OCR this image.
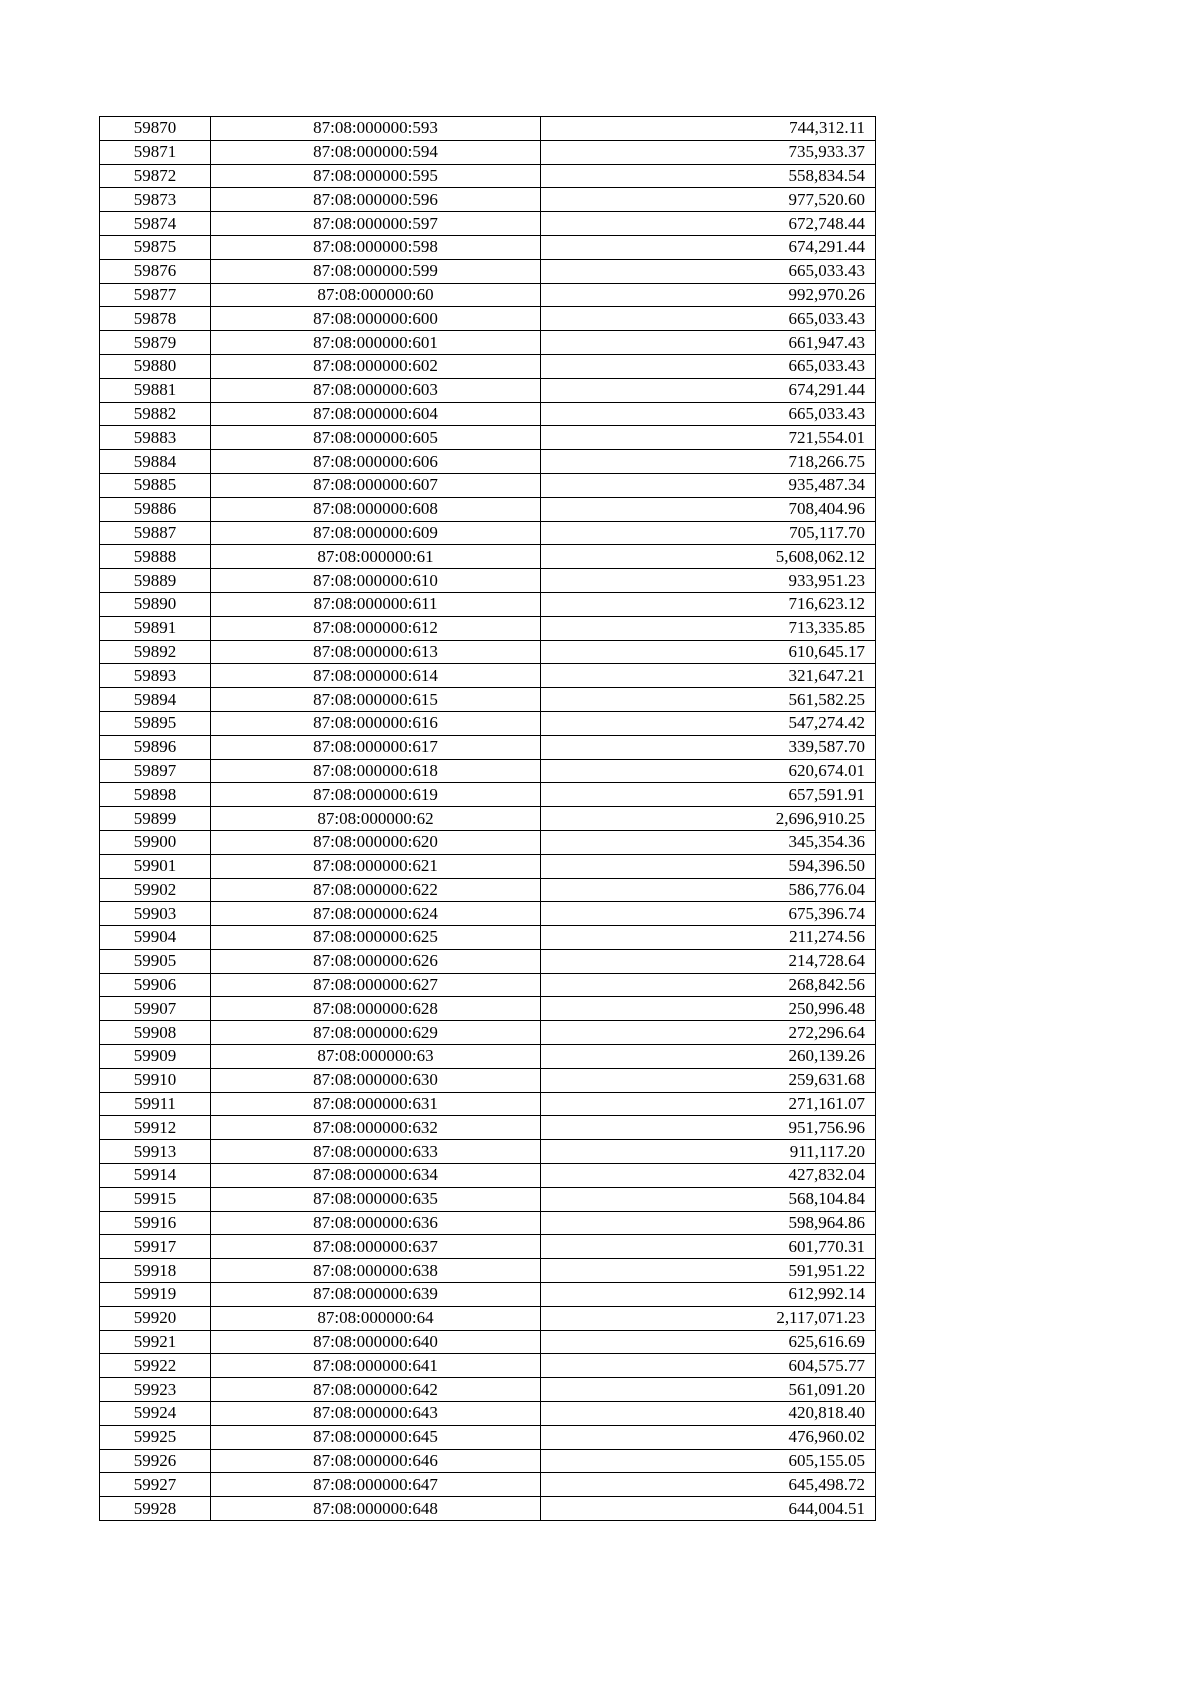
59870	87:08:000000:593	744,312.11
59871	87:08:000000:594	735,933.37
59872	87:08:000000:595	558,834.54
59873	87:08:000000:596	977,520.60
59874	87:08:000000:597	672,748.44
59875	87:08:000000:598	674,291.44
59876	87:08:000000:599	665,033.43
59877	87:08:000000:60	992,970.26
59878	87:08:000000:600	665,033.43
59879	87:08:000000:601	661,947.43
59880	87:08:000000:602	665,033.43
59881	87:08:000000:603	674,291.44
59882	87:08:000000:604	665,033.43
59883	87:08:000000:605	721,554.01
59884	87:08:000000:606	718,266.75
59885	87:08:000000:607	935,487.34
59886	87:08:000000:608	708,404.96
59887	87:08:000000:609	705,117.70
59888	87:08:000000:61	5,608,062.12
59889	87:08:000000:610	933,951.23
59890	87:08:000000:611	716,623.12
59891	87:08:000000:612	713,335.85
59892	87:08:000000:613	610,645.17
59893	87:08:000000:614	321,647.21
59894	87:08:000000:615	561,582.25
59895	87:08:000000:616	547,274.42
59896	87:08:000000:617	339,587.70
59897	87:08:000000:618	620,674.01
59898	87:08:000000:619	657,591.91
59899	87:08:000000:62	2,696,910.25
59900	87:08:000000:620	345,354.36
59901	87:08:000000:621	594,396.50
59902	87:08:000000:622	586,776.04
59903	87:08:000000:624	675,396.74
59904	87:08:000000:625	211,274.56
59905	87:08:000000:626	214,728.64
59906	87:08:000000:627	268,842.56
59907	87:08:000000:628	250,996.48
59908	87:08:000000:629	272,296.64
59909	87:08:000000:63	260,139.26
59910	87:08:000000:630	259,631.68
59911	87:08:000000:631	271,161.07
59912	87:08:000000:632	951,756.96
59913	87:08:000000:633	911,117.20
59914	87:08:000000:634	427,832.04
59915	87:08:000000:635	568,104.84
59916	87:08:000000:636	598,964.86
59917	87:08:000000:637	601,770.31
59918	87:08:000000:638	591,951.22
59919	87:08:000000:639	612,992.14
59920	87:08:000000:64	2,117,071.23
59921	87:08:000000:640	625,616.69
59922	87:08:000000:641	604,575.77
59923	87:08:000000:642	561,091.20
59924	87:08:000000:643	420,818.40
59925	87:08:000000:645	476,960.02
59926	87:08:000000:646	605,155.05
59927	87:08:000000:647	645,498.72
59928	87:08:000000:648	644,004.51
